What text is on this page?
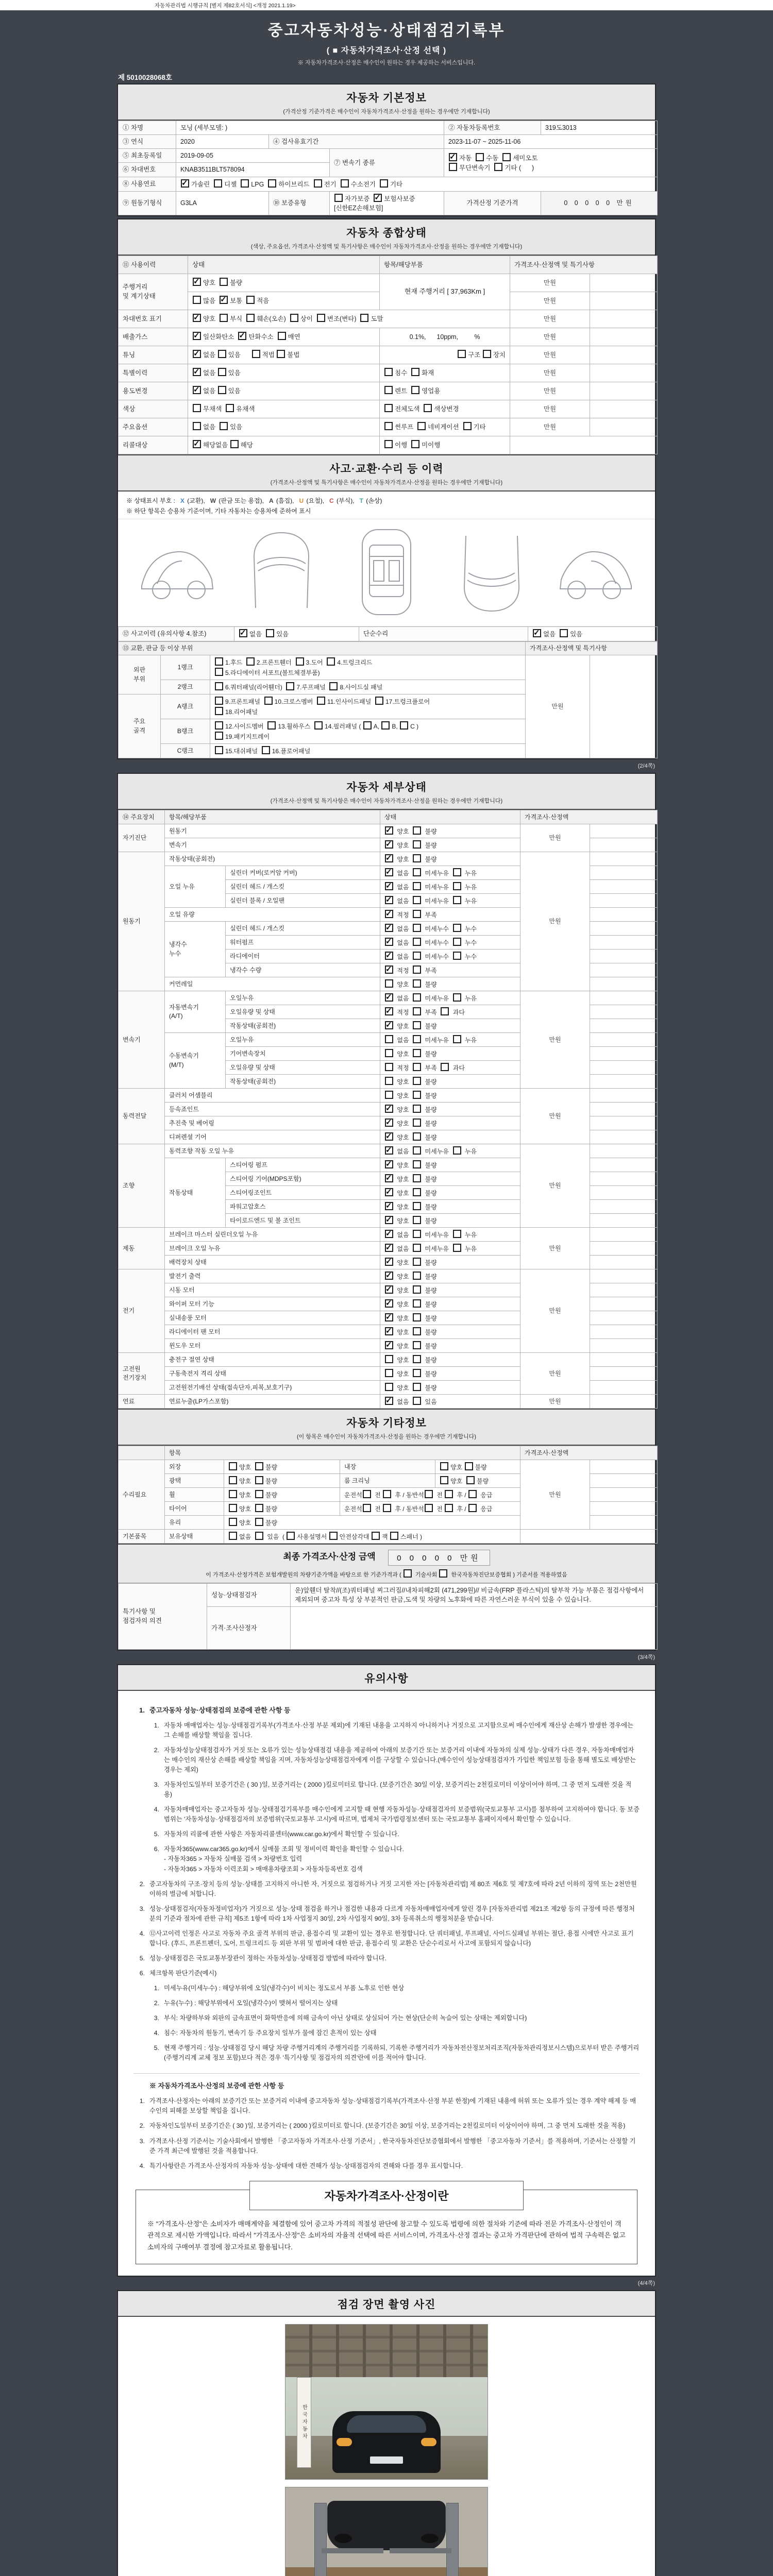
자동차관리법 시행규칙 [별지 제82호서식] <개정 2021.1.19>
중고자동차성능·상태점검기록부
( ■ 자동차가격조사·산정 선택 )
※ 자동차가격조사·산정은 매수인이 원하는 경우 제공하는 서비스입니다.
제 5010028068호
자동차 기본정보
(가격산정 기준가격은 매수인이 자동차가격조사·산정을 원하는 경우에만 기재합니다)
① 차명	모닝 (세부모델: )			② 자동차등록번호	319도3013
③ 연식	2020	④ 검사유효기간		2023-11-07 ~ 2025-11-06	
⑤ 최초등록일	2019-09-05		⑦ 변속기 종류	✓자동  수동  세미오토
무단변속기  기타 (      )
⑥ 차대번호	KNAB3511BLT578094				
⑧ 사용연료	✓가솔린  디젤  LPG  하이브리드  전기  수소전기  기타
⑨ 원동기형식	G3LA	⑩ 보증유형	자가보증   ✓보험사보증 [신한EZ손해보험]	가격산정 기준가격	0 0 0 0 0 만원
자동차 종합상태
(색상, 주요옵션, 가격조사·산정액 및 특기사항은 매수인이 자동차가격조사·산정을 원하는 경우에만 기재합니다)
⑪ 사용이력	상태	항목/해당부품	가격조사·산정액 및 특기사항	
주행거리
및 계기상태	✓양호  불량	현재 주행거리 [ 37,963Km ]	만원	
	많음   ✓보통  적음		만원	
차대번호 표기	✓양호  부식  훼손(오손)  상이  변조(변타)  도말		만원	
배출가스	✓일산화탄소   ✓탄화수소  매연	0.1%,      10ppm,         %	만원	
튜닝	✓없음 있음      적법 불법	구조 장치	만원	
특별이력	✓없음 있음	침수  화재	만원	
용도변경	✓없음 있음	렌트  영업용	만원	
색상	무채색  유채색	전체도색  색상변경	만원	
주요옵션	없음  있음	썬루프  네비게이션  기타	만원	
리콜대상	✓해당없음 해당	이행  미이행		
사고·교환·수리 등 이력
(가격조사·산정액 및 특기사항은 매수인이 자동차가격조사·산정을 원하는 경우에만 기재합니다)
※ 상태표시 부호 : X (교환), W (판금 또는 용접), A (흠집), U (요철), C (부식), T (손상)
※ 하단 항목은 승용차 기준이며, 기타 자동차는 승용차에 준하여 표시
⑫ 사고이력 (유의사항 4.참조)	✓없음  있음	단순수리	✓없음  있음
⑬ 교환, 판금 등 이상 부위			가격조사·산정액 및 특기사항	
외판
부위	1랭크	1.후드  2.프론트휀더  3.도어  4.트렁크리드
5.라디에이터 서포트(볼트체결부품)	만원	
	2랭크	6.쿼터패널(리어휀더)  7.루프패널  8.사이드실 패널		
주요
골격	A랭크	9.프론트패널  10.크로스멤버  11.인사이드패널  17.트렁크플로어
18.리어패널		
	B랭크	12.사이드멤버  13.휠하우스  14.필러패널 ( A, B, C )
19.패키지트레이		
	C랭크	15.대쉬패널  16.플로어패널		
(2/4쪽)
자동차 세부상태
(가격조사·산정액 및 특기사항은 매수인이 자동차가격조사·산정을 원하는 경우에만 기재합니다)
⑭ 주요장치	항목/해당부품		상태	가격조사·산정액	
자기진단	원동기	✓ 양호   불량	만원	
	변속기	✓ 양호   불량	
원동기	작동상태(공회전)	✓ 양호   불량	만원	
	오일 누유	실린더 커버(로커암 커버)	✓ 없음   미세누유   누유	
		실린더 헤드 / 개스킷	✓ 없음   미세누유   누유	
		실린더 블록 / 오일팬	✓ 없음   미세누유   누유	
	오일 유량	✓ 적정   부족	
	냉각수
누수	실린더 헤드 / 개스킷	✓ 없음   미세누수   누수	
		워터펌프	✓ 없음   미세누수   누수	
		라디에이터	✓ 없음   미세누수   누수	
		냉각수 수량	✓ 적정   부족	
	커먼레일		양호   불량		
변속기	자동변속기
(A/T)	오일누유	✓ 없음   미세누유   누유	만원	
		오일유량 및 상태	✓ 적정   부족   과다	
		작동상태(공회전)	✓ 양호   불량	
	수동변속기
(M/T)	오일누유	없음   미세누유   누유		
		기어변속장치	양호   불량		
		오일유량 및 상태	적정   부족   과다		
		작동상태(공회전)	양호   불량		
동력전달	클러치 어셈블리		양호   불량	만원	
	등속죠인트	✓ 양호   불량	
	추진축 및 베어링	✓ 양호   불량	
	디퍼렌셜 기어	✓ 양호   불량	
조향	동력조향 작동 오일 누유	✓ 없음   미세누유   누유	만원	
	작동상태	스티어링 펌프	✓ 양호   불량	
		스티어링 기어(MDPS포함)	✓ 양호   불량	
		스티어링조인트	✓ 양호   불량	
		파워고압호스	✓ 양호   불량	
		타이로드엔드 및 볼 조인트	✓ 양호   불량	
제동	브레이크 마스터 실린더오일 누유	✓ 없음   미세누유   누유	만원	
	브레이크 오일 누유	✓ 없음   미세누유   누유	
	배력장치 상태	✓ 양호   불량	
전기	발전기 출력	✓ 양호   불량	만원	
	시동 모터	✓ 양호   불량	
	와이퍼 모터 기능	✓ 양호   불량	
	실내송풍 모터	✓ 양호   불량	
	라디에이터 팬 모터	✓ 양호   불량	
	윈도우 모터	✓ 양호   불량	
고전원
전기장치	충전구 절연 상태		양호   불량	만원	
	구동축전지 격리 상태		양호   불량		
	고전원전기배선 상태(접속단자,피복,보호기구)		양호   불량		
연료	연료누출(LP가스포함)	✓ 없음   있음	만원	
자동차 기타정보
(이 항목은 매수인이 자동차가격조사·산정을 원하는 경우에만 기재합니다)
	항목				가격조사·산정액	
수리필요	외장	양호  불량	내장	양호 불량	만원	
	광택	양호  불량	룸 크리닝	양호  불량		
	휠	양호  불량	운전석 전  후 / 동반석 전  후 /  응급			
	타이어	양호  불량	운전석 전  후 / 동반석 전  후 /  응급			
	유리	양호  불량				
기본품목	보유상태	없음   있음  ( 사용설명서 안전삼각대 잭 스패너 )				
최종 가격조사·산정 금액	0 0 0 0 0 만원
이 가격조사·산정가격은 보험개발원의 차량기준가액을 바탕으로 한 기준가격과 (  기술사회  한국자동차진단보증협회 ) 기준서를 적용하였음
특기사항 및
점검자의 의견	성능·상태점검자	운)앞휀더 탈착//(조)쿼터패널 찌그러짐//내차피해2회 (471,299원)// 비금속(FRP 플라스틱)의 탈부착 가능 부품은 점검사항에서 제외되며 중고차 특성 상 부분적인 판금,도색 및 차량의 노후화에 따른 자연스러운 부식이 있을 수 있습니다.
	가격·조사산정자	
(3/4쪽)
유의사항
1. 중고자동차 성능·상태점검의 보증에 관한 사항 등
1. 자동차 매매업자는 성능·상태점검기록부(가격조사·산정 부분 제외)에 기재된 내용을 고지하지 아니하거나 거짓으로 고지함으로써 매수인에게 재산상 손해가 발생한 경우에는 그 손해를 배상할 책임을 집니다.
2. 자동차성능상태점검자가 거짓 또는 오류가 있는 성능상태점검 내용을 제공하여 아래의 보증기간 또는 보증거리 이내에 자동차의 실제 성능·상태가 다른 경우, 자동차매매업자는 매수인의 재산상 손해를 배상할 책임을 지며, 자동차성능상태점검자에게 이를 구상할 수 있습니다.(매수인이 성능상태점검자가 가입한 책임보험 등을 통해 별도로 배상받는 경우는 제외)
3. 자동차인도일부터 보증기간은 ( 30 )일, 보증거리는 ( 2000 )킬로미터로 합니다. (보증기간은 30일 이상, 보증거리는 2천킬로미터 이상이어야 하며, 그 중 먼저 도래한 것을 적용)
4. 자동차매매업자는 중고자동차 성능·상태점검기록부를 매수인에게 고지할 때 현행 자동차성능·상태점검자의 보증범위(국토교통부 고시)를 첨부하여 고지하여야 합니다. 동 보증범위는 '자동차성능·상태점검자의 보증범위'(국토교통부 고시)에 따르며, 법제처 국가법령정보센터 또는 국토교통부 홈페이지에서 확인할 수 있습니다.
5. 자동차의 리콜에 관한 사항은 자동차리콜센터(www.car.go.kr)에서 확인할 수 있습니다.
6. 자동차365(www.car365.go.kr)에서 실매물 조회 및 정비이력 확인을 확인할 수 있습니다.
- 자동차365 > 자동차 실매물 검색 > 차량번호 입력
- 자동차365 > 자동차 이력조회 > 매매용차량조회 > 자동차등록번호 검색
2. 중고자동차의 구조·장치 등의 성능·상태를 고지하지 아니한 자, 거짓으로 점검하거나 거짓 고지한 자는 [자동차관리법] 제 80조 제6호 및 제7호에 따라 2년 이하의 징역 또는 2천만원 이하의 벌금에 처합니다.
3. 성능·상태점검자(자동차정비업자)가 거짓으로 성능·상태 점검을 하거나 점검한 내용과 다르게 자동차매매업자에게 알린 경우 [자동차관리법 제21조 제2항 등의 규정에 따른 행정처분의 기준과 절차에 관한 규칙] 제5조 1항에 따라 1차 사업정지 30일, 2차 사업정지 90일, 3차 등록취소의 행정처분을 받습니다.
4. ⑫사고이력 인정은 사고로 자동차 주요 골격 부위의 판금, 용접수리 및 교환이 있는 경우로 한정합니다. 단 쿼터패널, 루프패널, 사이드실패널 부위는 절단, 용접 시에만 사고로 표기합니다. (후드, 프론트펜더, 도어, 트렁크리드 등 외판 부위 및 범퍼에 대한 판금, 용접수리 및 교환은 단순수리로서 사고에 포함되지 않습니다)
5. 성능·상태점검은 국토교통부장관이 정하는 자동차성능·상태점검 방법에 따라야 합니다.
6. 체크항목 판단기준(예시)
1. 미세누유(미세누수) : 해당부위에 오일(냉각수)이 비치는 정도로서 부품 노후로 인한 현상
2. 누유(누수) : 해당부위에서 오일(냉각수)이 맺혀서 떨어지는 상태
3. 부식: 차량하부와 외판의 금속표면이 화학반응에 의해 금속이 아닌 상태로 상실되어 가는 현상(단순히 녹슬어 있는 상태는 제외합니다)
4. 침수: 자동차의 원동기, 변속기 등 주요장치 일부가 물에 잠긴 흔적이 있는 상태
5. 현재 주행거리 : 성능·상태점검 당시 해당 차량 주행거리계의 주행거리를 기록하되, 기록한 주행거리가 자동차전산정보처리조직(자동차관리정보시스템)으로부터 받은 주행거리(주행거리계 교체 정보 포함)보다 적은 경우 '특기사항 및 점검자의 의견'란에 이를 적어야 합니다.
※ 자동차가격조사·산정의 보증에 관한 사항 등
1. 가격조사·산정자는 아래의 보증기간 또는 보증거리 이내에 중고자동차 성능·상태점검기록부(가격조사·산정 부분 한정)에 기재된 내용에 허위 또는 오류가 있는 경우 계약 해제 등 매수인의 피해를 보상할 책임을 집니다.
2. 자동차인도일부터 보증기간은 ( 30 )일, 보증거리는 ( 2000 )킬로미터로 합니다. (보증기간은 30일 이상, 보증거리는 2천킬로미터 이상이어야 하며, 그 중 먼저 도래한 것을 적용)
3. 가격조사·산정 기준서는 기술사회에서 발행한 「중고자동차 가격조사·산정 기준서」, 한국자동차진단보증협회에서 발행한 「중고자동차 기준서」를 적용하며, 기준서는 산정할 기준 가격 최근에 발행된 것을 적용합니다.
4. 특기사항란은 가격조사·산정자의 자동차 성능·상태에 대한 견해가 성능·상태점검자의 견해와 다를 경우 표시합니다.
자동차가격조사·산정이란
※ "가격조사·산정"은 소비자가 매매계약을 체결함에 있어 중고차 가격의 적절성 판단에 참고할 수 있도록 법령에 의한 절차와 기준에 따라 전문 가격조사·산정인이 객관적으로 제시한 가액입니다. 따라서 "가격조사·산정"은 소비자의 자율적 선택에 따른 서비스이며, 가격조사·산정 결과는 중고차 가격판단에 관하여 법적 구속력은 없고 소비자의 구매여부 결정에 참고자료로 활용됩니다.
(4/4쪽)
점검 장면 촬영 사진
한국자동차
